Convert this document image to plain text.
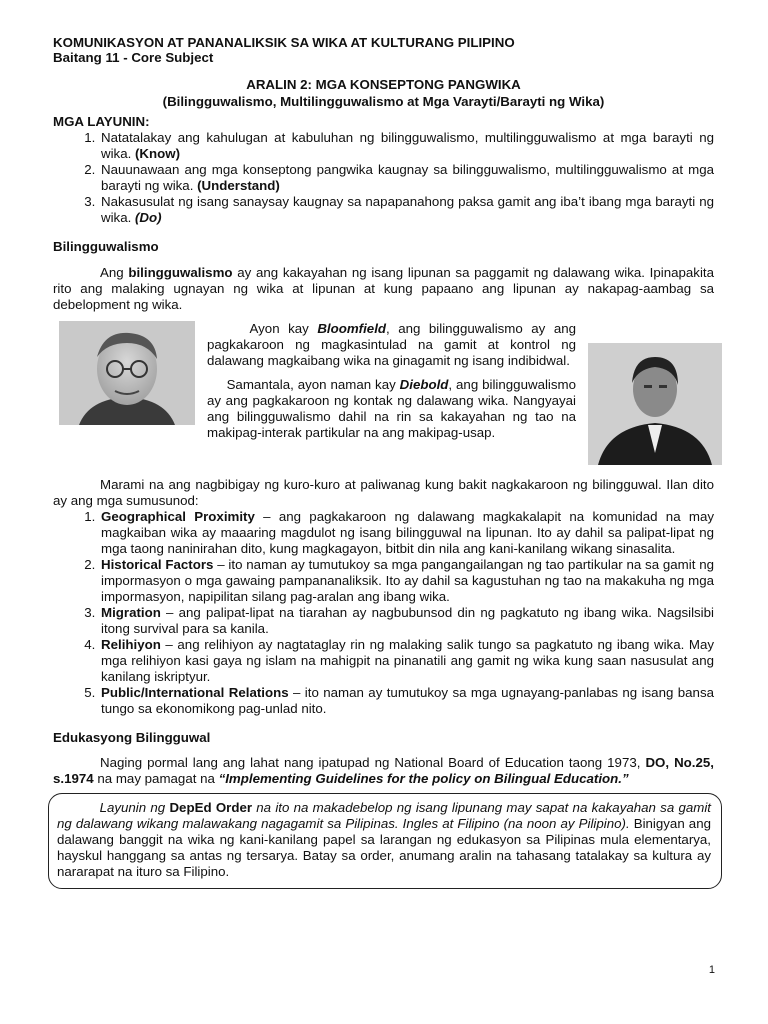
KOMUNIKASYON AT PANANALIKSIK SA WIKA AT KULTURANG PILIPINO
Baitang 11 - Core Subject
ARALIN 2: MGA KONSEPTONG PANGWIKA
(Bilingguwalismo, Multilingguwalismo at Mga Varayti/Barayti ng Wika)
MGA LAYUNIN:
1. Natatalakay ang kahulugan at kabuluhan ng bilingguwalismo, multilingguwalismo at mga barayti ng wika. (Know)
2. Nauunawaan ang mga konseptong pangwika kaugnay sa bilingguwalismo, multilingguwalismo at mga barayti ng wika. (Understand)
3. Nakasusulat ng isang sanaysay kaugnay sa napapanahong paksa gamit ang iba’t ibang mga barayti ng wika. (Do)
Bilingguwalismo
Ang bilingguwalismo ay ang kakayahan ng isang lipunan sa paggamit ng dalawang wika. Ipinapakita rito ang malaking ugnayan ng wika at lipunan at kung papaano ang lipunan ay nakapag-aambag sa debelopment ng wika.

Ayon kay Bloomfield, ang bilingguwalismo ay ang pagkakaroon ng magkasintulad na gamit at kontrol ng dalawang magkaibang wika na ginagamit ng isang indibidwal.

Samantala, ayon naman kay Diebold, ang bilingguwalismo ay ang pagkakaroon ng kontak ng dalawang wika. Nangyayai ang bilingguwalismo dahil na rin sa kakayahan ng tao na makipag-interak partikular na ang makipag-usap.

Marami na ang nagbibigay ng kuro-kuro at paliwanag kung bakit nagkakaroon ng bilingguwal. Ilan dito ay ang mga sumusunod:
1. Geographical Proximity – ang pagkakaroon ng dalawang magkakalapit na komunidad na may magkaiban wika ay maaaring magdulot ng isang bilingguwal na lipunan. Ito ay dahil sa palipat-lipat ng mga taong naninirahan dito, kung magkagayon, bitbit din nila ang kani-kanilang wikang sinasalita.
2. Historical Factors – ito naman ay tumutukoy sa mga pangangailangan ng tao partikular na sa gamit ng impormasyon o mga gawaing pampananaliksik. Ito ay dahil sa kagustuhan ng tao na makakuha ng mga impormasyon, napipilitan silang pag-aralan ang ibang wika.
3. Migration – ang palipat-lipat na tiarahan ay nagbubunsod din ng pagkatuto ng ibang wika. Nagsilsibi itong survival para sa kanila.
4. Relihiyon – ang relihiyon ay nagtataglay rin ng malaking salik tungo sa pagkatuto ng ibang wika. May mga relihiyon kasi gaya ng islam na mahigpit na pinanatili ang gamit ng wika kung saan nasusulat ang kanilang iskriptyur.
5. Public/International Relations – ito naman ay tumutukoy sa mga ugnayang-panlabas ng isang bansa tungo sa ekonomikong pag-unlad nito.
Edukasyong Bilingguwal
Naging pormal lang ang lahat nang ipatupad ng National Board of Education taong 1973, DO, No.25, s.1974 na may pamagat na “Implementing Guidelines for the policy on Bilingual Education.”
Layunin ng DepEd Order na ito na makadebelop ng isang lipunang may sapat na kakayahan sa gamit ng dalawang wikang malawakang nagagamit sa Pilipinas. Ingles at Filipino (na noon ay Pilipino). Binigyan ang dalawang banggit na wika ng kani-kanilang papel sa larangan ng edukasyon sa Pilipinas mula elementarya, hayskul hanggang sa antas ng tersarya. Batay sa order, anumang aralin na tahasang tatalakay sa kultura ay nararapat na ituro sa Filipino.
1
